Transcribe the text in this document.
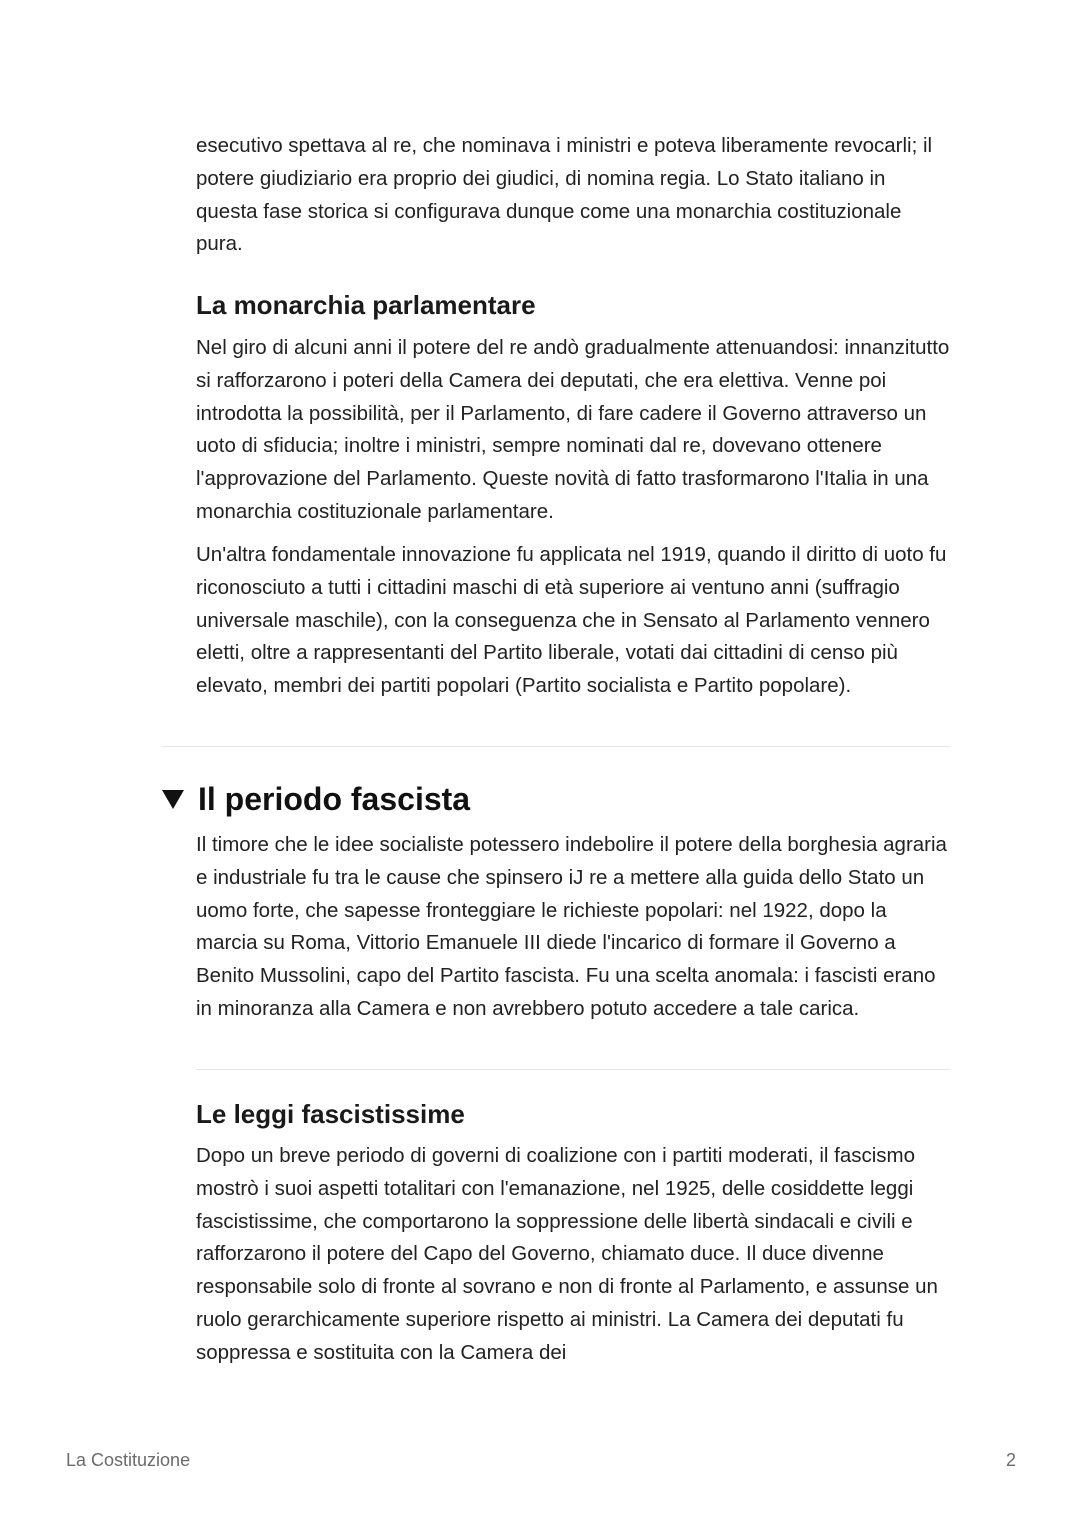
esecutivo spettava al re, che nominava i ministri e poteva liberamente revocarli; il potere giudiziario era proprio dei giudici, di nomina regia. Lo Stato italiano in questa fase storica si configurava dunque come una monarchia costituzionale pura.

La monarchia parlamentare

Nel giro di alcuni anni il potere del re andò gradualmente attenuandosi: innanzitutto si rafforzarono i poteri della Camera dei deputati, che era elettiva. Venne poi introdotta la possibilità, per il Parlamento, di fare cadere il Governo attraverso un uoto di sfiducia; inoltre i ministri, sempre nominati dal re, dovevano ottenere l'approvazione del Parlamento. Queste novità di fatto trasformarono l'Italia in una monarchia costituzionale parlamentare.

Un'altra fondamentale innovazione fu applicata nel 1919, quando il diritto di uoto fu riconosciuto a tutti i cittadini maschi di età superiore ai ventuno anni (suffragio universale maschile), con la conseguenza che in Sensato al Parlamento vennero eletti, oltre a rappresentanti del Partito liberale, votati dai cittadini di censo più elevato, membri dei partiti popolari (Partito socialista e Partito popolare).

Il periodo fascista

Il timore che le idee socialiste potessero indebolire il potere della borghesia agraria e industriale fu tra le cause che spinsero iJ re a mettere alla guida dello Stato un uomo forte, che sapesse fronteggiare le richieste popolari: nel 1922, dopo la marcia su Roma, Vittorio Emanuele III diede l'incarico di formare il Governo a Benito Mussolini, capo del Partito fascista. Fu una scelta anomala: i fascisti erano in minoranza alla Camera e non avrebbero potuto accedere a tale carica.

Le leggi fascistissime

Dopo un breve periodo di governi di coalizione con i partiti moderati, il fascismo mostrò i suoi aspetti totalitari con l'emanazione, nel 1925, delle cosiddette leggi fascistissime, che comportarono la soppressione delle libertà sindacali e civili e rafforzarono il potere del Capo del Governo, chiamato duce. Il duce divenne responsabile solo di fronte al sovrano e non di fronte al Parlamento, e assunse un ruolo gerarchicamente superiore rispetto ai ministri. La Camera dei deputati fu soppressa e sostituita con la Camera dei

La Costituzione	2
